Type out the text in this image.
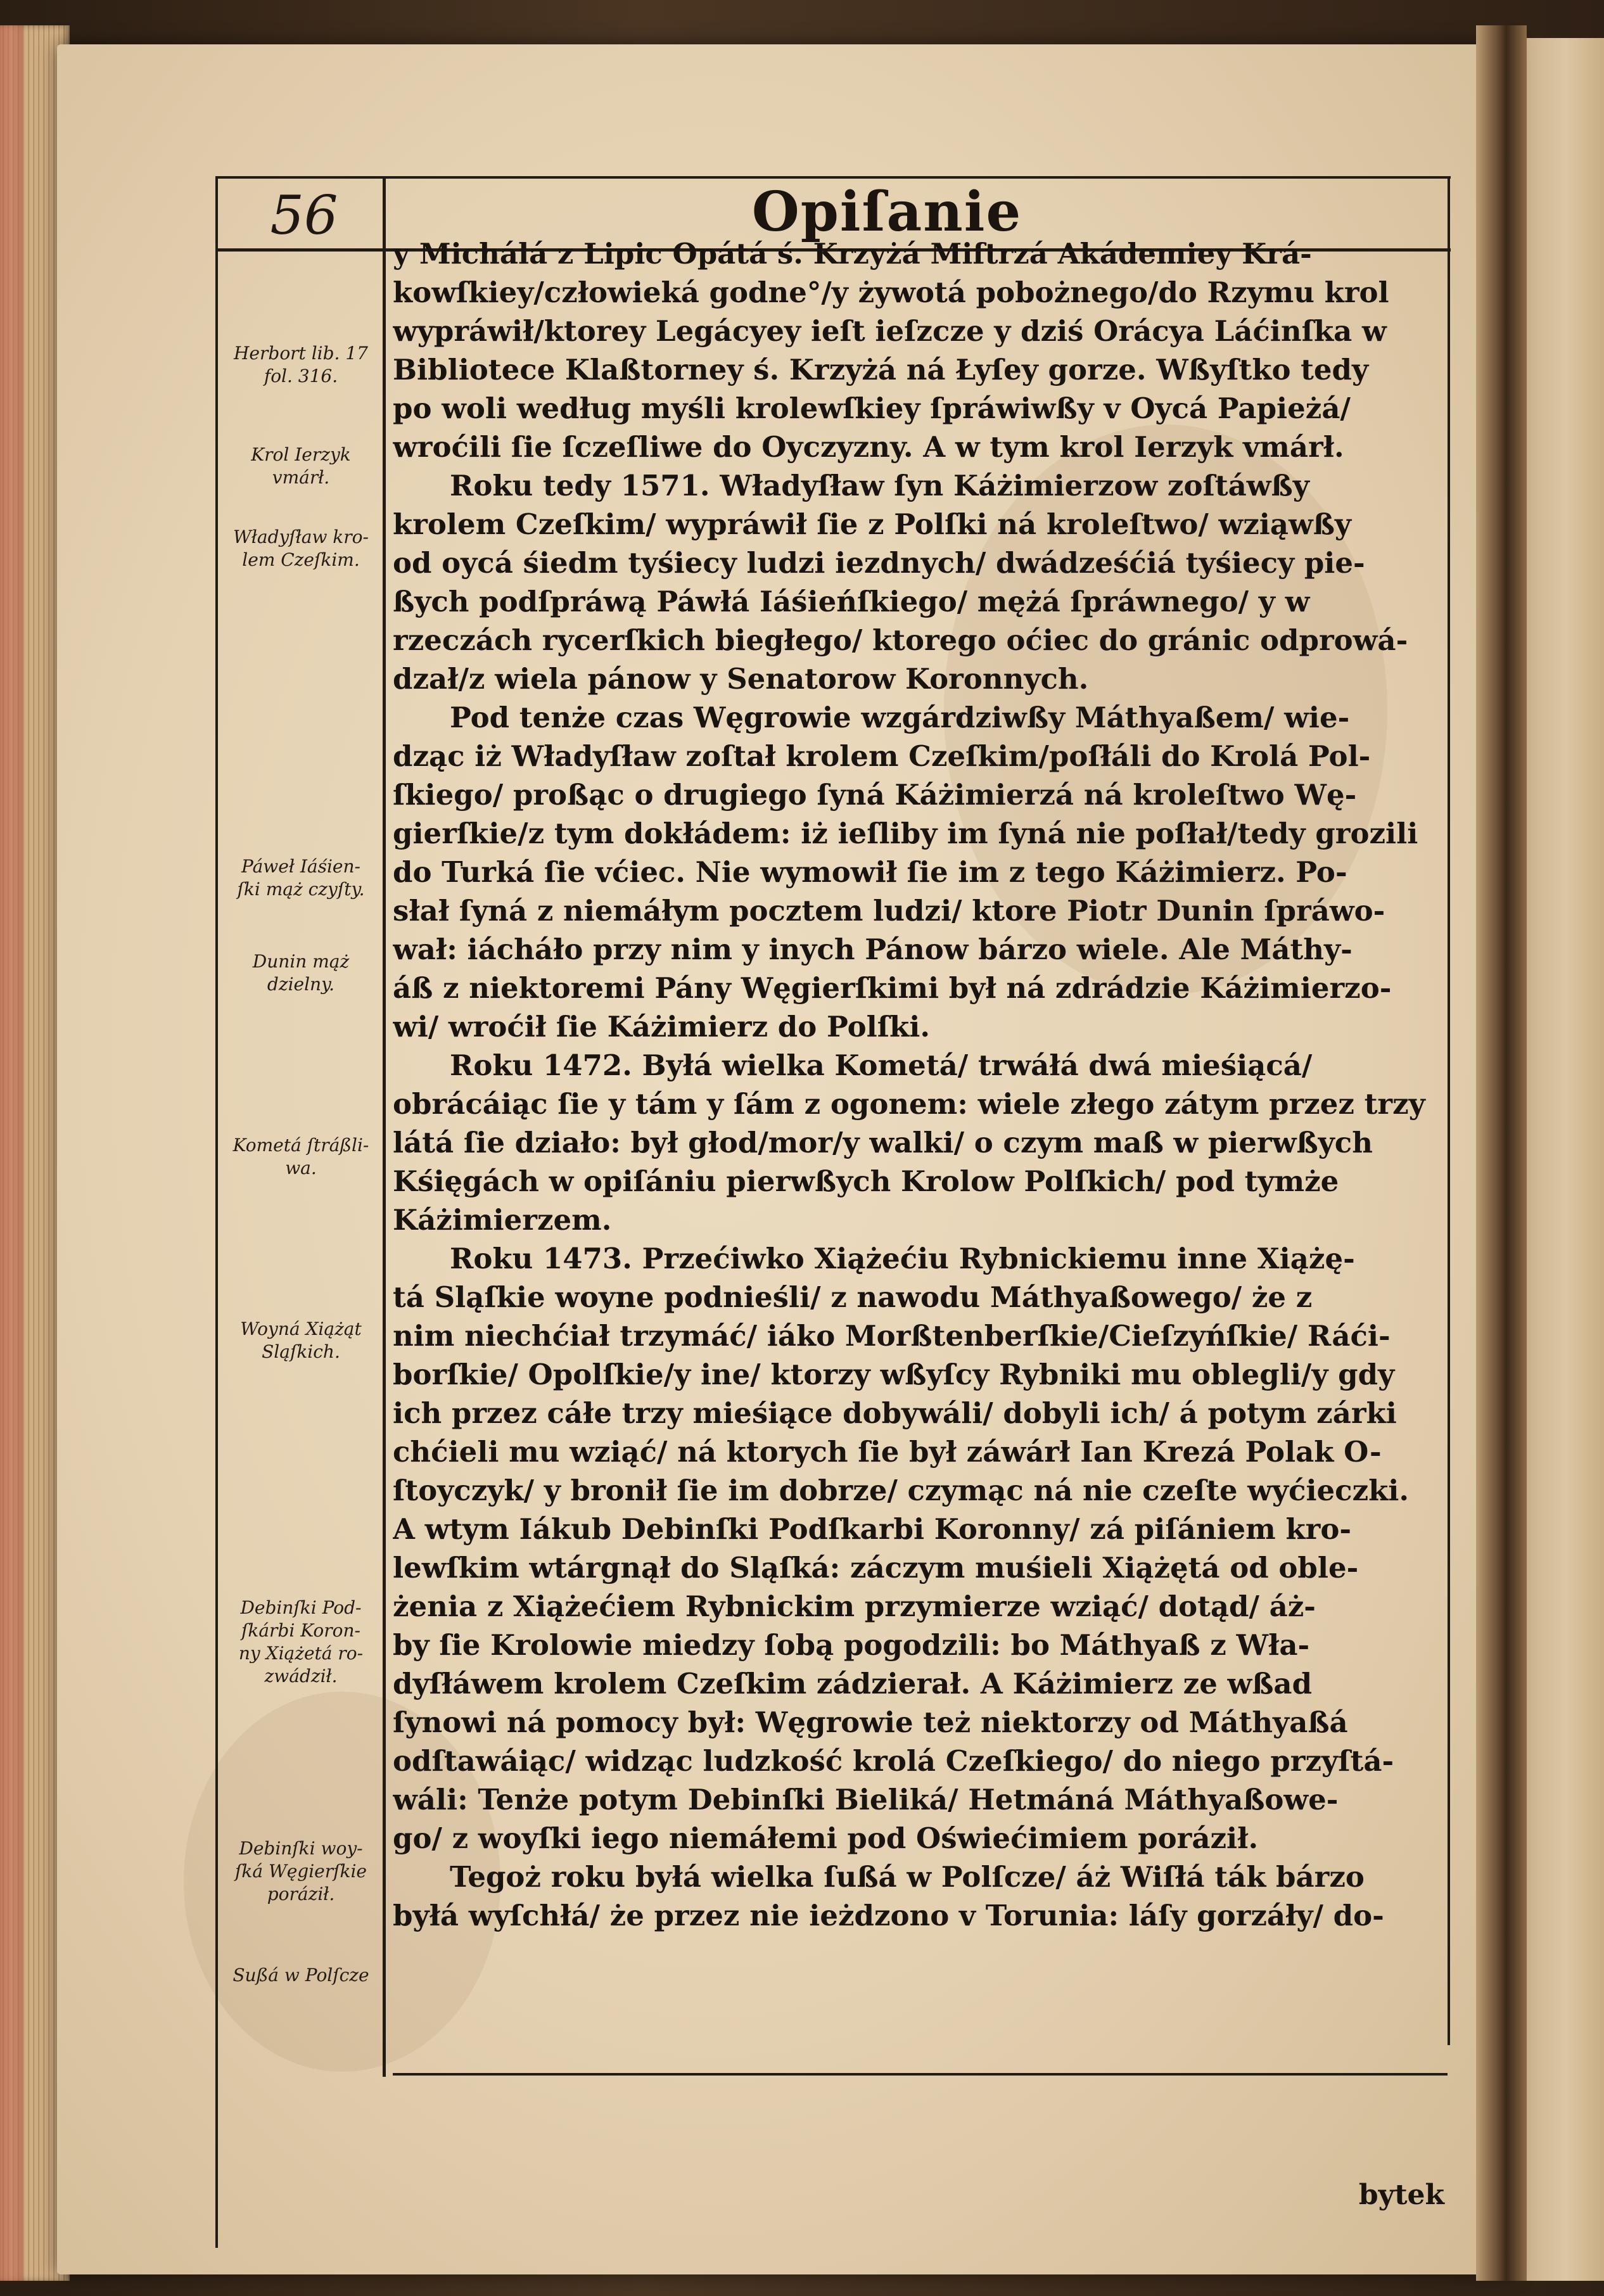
56	Opiſanie
y Michálá z Lipic Opátá ś. Krzyżá Miſtrzá Akádemiey Krá-
kowſkiey/człowieká godne°/y żywotá pobożnego/do Rzymu krol
wypráwił/ktorey Legácyey ieſt ieſzcze y dziś Orácya Láćinſka w
Bibliotece Klaßtorney ś. Krzyżá ná Łyſey gorze. Wßyſtko tedy
po woli według myśli krolewſkiey ſpráwiwßy v Oycá Papieżá/
wroćili ſie ſczeſliwe do Oyczyzny. A w tym krol Ierzyk vmárł.
Roku tedy 1571. Władyſław ſyn Káżimierzow zoſtáwßy
krolem Czeſkim/ wypráwił ſie z Polſki ná kroleſtwo/ wziąwßy
od oycá śiedm tyśiecy ludzi iezdnych/ dwádześćiá tyśiecy pie-
ßych podſpráwą Páwłá Iáśieńſkiego/ mężá ſpráwnego/ y w
rzeczách rycerſkich biegłego/ ktorego oćiec do gránic odprowá-
dzał/z wiela pánow y Senatorow Koronnych.
Pod tenże czas Węgrowie wzgárdziwßy Máthyaßem/ wie-
dząc iż Władyſław zoſtał krolem Czeſkim/poſłáli do Krolá Pol-
ſkiego/ proßąc o drugiego ſyná Káżimierzá ná kroleſtwo Wę-
gierſkie/z tym dokłádem: iż ieſliby im ſyná nie poſłał/tedy grozili
do Turká ſie vćiec. Nie wymowił ſie im z tego Káżimierz. Po-
słał ſyná z niemáłym pocztem ludzi/ ktore Piotr Dunin ſpráwo-
wał: iácháło przy nim y inych Pánow bárzo wiele. Ale Máthy-
áß z niektoremi Pány Węgierſkimi był ná zdrádzie Káżimierzo-
wi/ wroćił ſie Káżimierz do Polſki.
Roku 1472. Byłá wielka Kometá/ trwáłá dwá mieśiącá/
obrácáiąc ſie y tám y ſám z ogonem: wiele złego zátym przez trzy
látá ſie działo: był głod/mor/y walki/ o czym maß w pierwßych
Kśięgách w opiſániu pierwßych Krolow Polſkich/ pod tymże
Káżimierzem.
Roku 1473. Przećiwko Xiążećiu Rybnickiemu inne Xiążę-
tá Sląſkie woyne podnieśli/ z nawodu Máthyaßowego/ że z
nim niechćiał trzymáć/ iáko Morßtenberſkie/Cieſzyńſkie/ Ráći-
borſkie/ Opolſkie/y ine/ ktorzy wßyſcy Rybniki mu oblegli/y gdy
ich przez cáłe trzy mieśiące dobywáli/ dobyli ich/ á potym zárki
chćieli mu wziąć/ ná ktorych ſie był záwárł Ian Krezá Polak O-
ſtoyczyk/ y bronił ſie im dobrze/ czymąc ná nie czeſte wyćieczki.
A wtym Iákub Debinſki Podſkarbi Koronny/ zá piſániem kro-
lewſkim wtárgnął do Sląſká: záczym muśieli Xiążętá od oble-
żenia z Xiążećiem Rybnickim przymierze wziąć/ dotąd/ áż-
by ſie Krolowie miedzy ſobą pogodzili: bo Máthyaß z Wła-
dyſłáwem krolem Czeſkim zádzierał. A Káżimierz ze wßad
ſynowi ná pomocy był: Węgrowie też niektorzy od Máthyaßá
odſtawáiąc/ widząc ludzkość krolá Czeſkiego/ do niego przyſtá-
wáli: Tenże potym Debinſki Bieliká/ Hetmáná Máthyaßowe-
go/ z woyſki iego niemáłemi pod Oświećimiem poráził.
Tegoż roku byłá wielka ſußá w Polſcze/ áż Wiſłá ták bárzo
byłá wyſchłá/ że przez nie ieżdzono v Torunia: láſy gorzáły/ do-
Herbort lib. 17
fol. 316.
Krol Ierzyk
vmárł.
Władyſław kro-
lem Czeſkim.
Páweł Iáśien-
ſki mąż czyſty.
Dunin mąż
dzielny.
Kometá ſtráßli-
wa.
Woyná Xiążąt
Sląſkich.
Debinſki Pod-
ſkárbi Koron-
ny Xiążetá ro-
zwádził.
Debinſki woy-
ſká Węgierſkie
poráził.
Sußá w Polſcze
bytek
